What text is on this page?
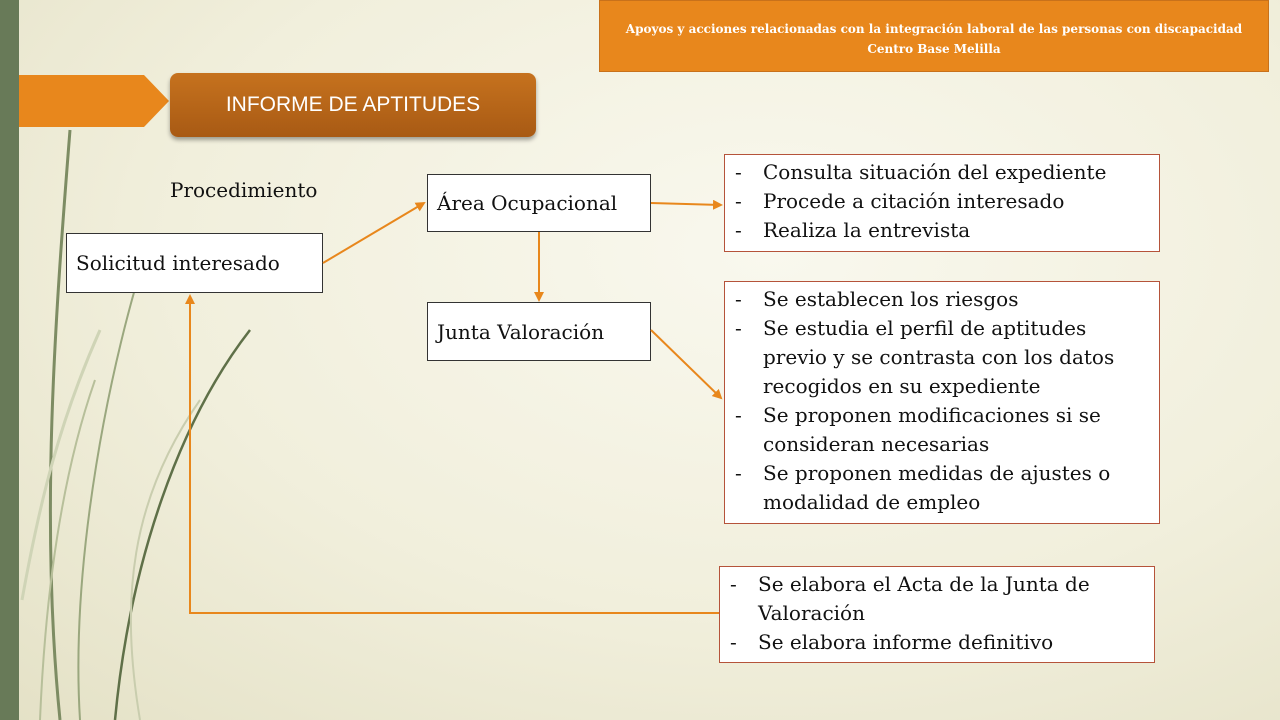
Apoyos y acciones relacionadas con la integración laboral de las personas con discapacidad
Centro Base Melilla
INFORME DE APTITUDES
Procedimiento
Solicitud interesado
Área Ocupacional
Junta Valoración
- Consulta situación del expediente
- Procede a citación interesado
- Realiza la entrevista
- Se establecen los riesgos
- Se estudia el perfil de aptitudes previo y se contrasta con los datos recogidos en su expediente
- Se proponen modificaciones si se consideran necesarias
- Se proponen medidas de ajustes o modalidad de empleo
- Se elabora el Acta de la Junta de Valoración
- Se elabora informe definitivo
